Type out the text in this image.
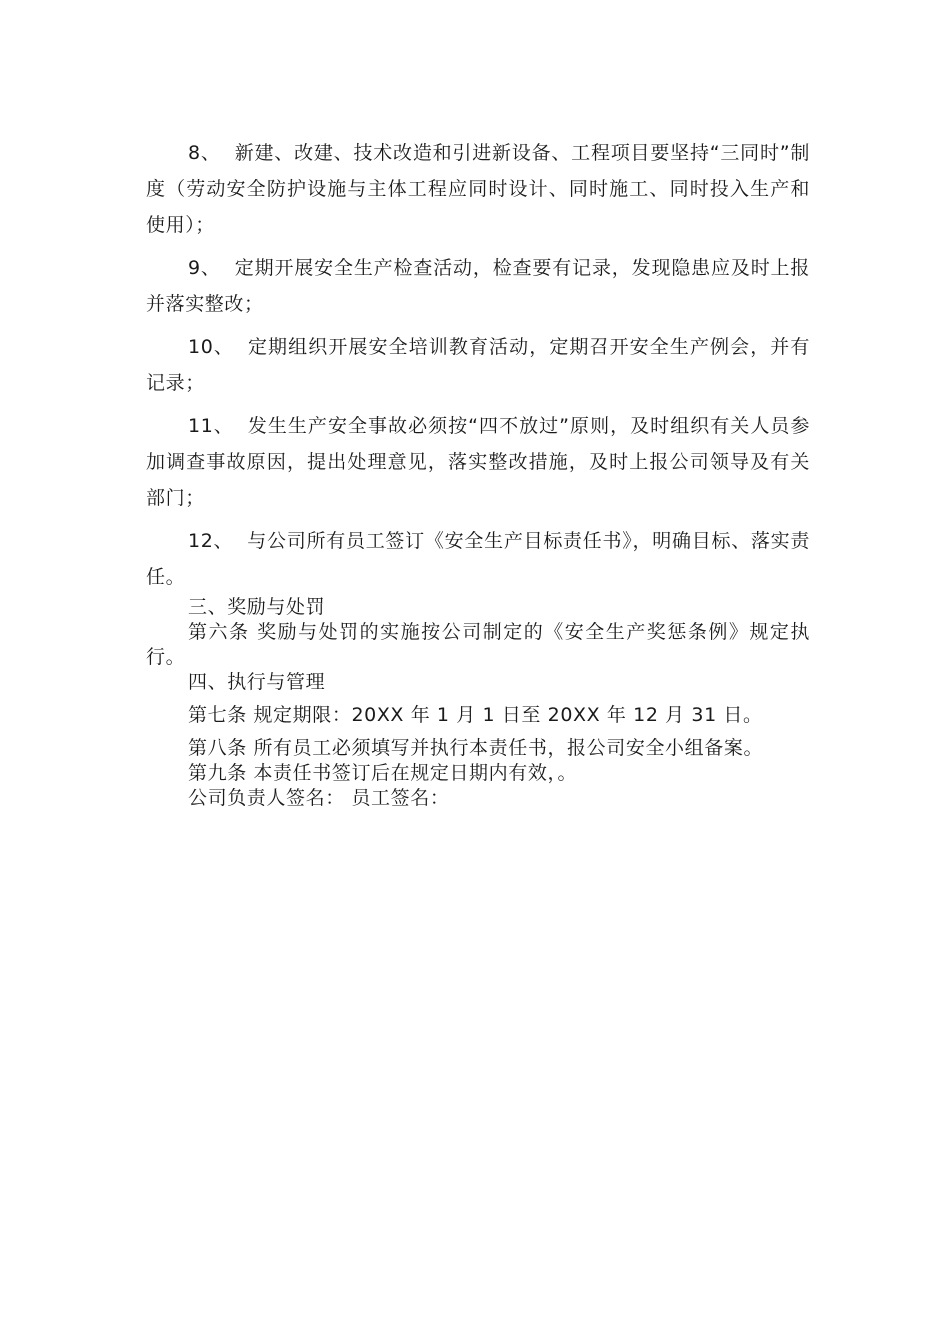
8、 新建、改建、技术改造和引进新设备、工程项目要坚持“三同时”制度（劳动安全防护设施与主体工程应同时设计、同时施工、同时投入生产和使用）；

9、 定期开展安全生产检查活动，检查要有记录，发现隐患应及时上报并落实整改；

10、 定期组织开展安全培训教育活动，定期召开安全生产例会，并有记录；

11、 发生生产安全事故必须按“四不放过”原则，及时组织有关人员参加调查事故原因，提出处理意见，落实整改措施，及时上报公司领导及有关部门；

12、 与公司所有员工签订《安全生产目标责任书》，明确目标、落实责任。

三、奖励与处罚

第六条 奖励与处罚的实施按公司制定的《安全生产奖惩条例》规定执行。

四、执行与管理

第七条 规定期限：20XX 年 1 月 1 日至 20XX 年 12 月 31 日。

第八条 所有员工必须填写并执行本责任书，报公司安全小组备案。

第九条 本责任书签订后在规定日期内有效，。

公司负责人签名： 员工签名：
